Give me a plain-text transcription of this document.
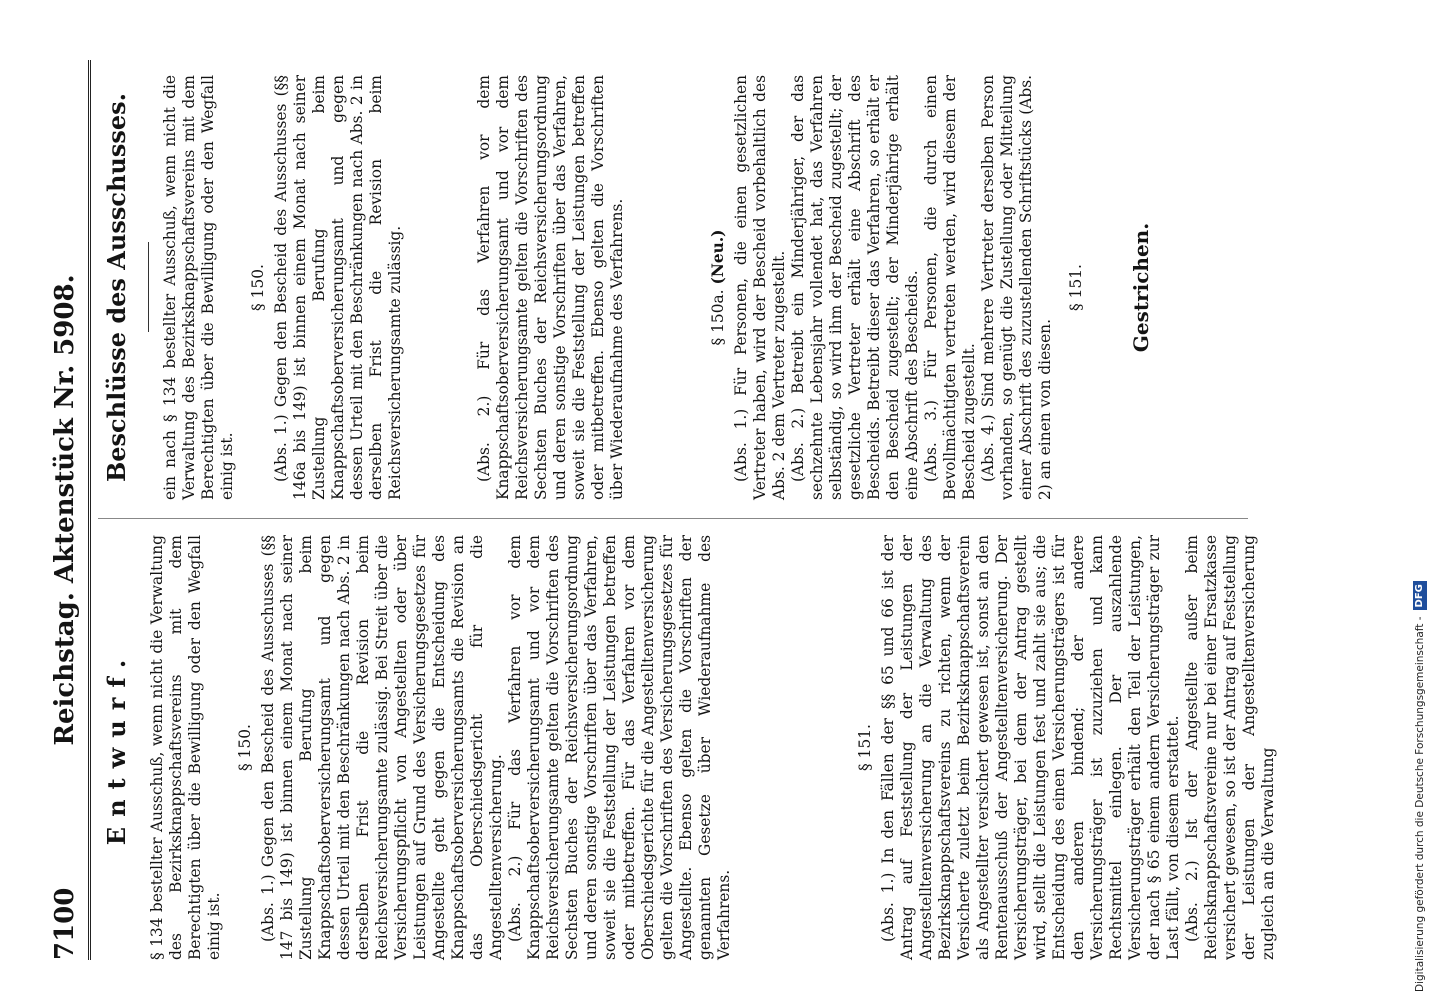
7100
Reichstag. Aktenstück Nr. 5908.
Entwurf. § 134 bestellter Ausschuß, wenn nicht die Verwaltung des Bezirksknappschaftsvereins mit dem Berechtigten über die Bewilligung oder den Wegfall einig ist.

§ 150. (Abs. 1.) Gegen den Bescheid des Ausschusses (§§ 147 bis 149) ist binnen einem Monat nach seiner Zustellung Berufung beim Knappschaftsoberversicherungsamt und gegen dessen Urteil mit den Beschränkungen nach Abs. 2 in derselben Frist die Revision beim Reichsversicherungsamte zulässig. Bei Streit über die Versicherungspflicht von Angestellten oder über Leistungen auf Grund des Versicherungsgesetzes für Angestellte geht gegen die Entscheidung des Knappschaftsoberversicherungsamts die Revision an das Oberschiedsgericht für die Angestelltenversicherung. (Abs. 2.) Für das Verfahren vor dem Knappschaftsoberversicherungsamt und vor dem Reichsversicherungsamte gelten die Vorschriften des Sechsten Buches der Reichsversicherungsordnung und deren sonstige Vorschriften über das Verfahren, soweit sie die Feststellung der Leistungen betreffen oder mitbetreffen. Für das Verfahren vor dem Oberschiedsgerichte für die Angestelltenversicherung gelten die Vorschriften des Versicherungsgesetzes für Angestellte. Ebenso gelten die Vorschriften der genannten Gesetze über Wiederaufnahme des Verfahrens.

§ 151. (Abs. 1.) In den Fällen der §§ 65 und 66 ist der Antrag auf Feststellung der Leistungen der Angestelltenversicherung an die Verwaltung des Bezirksknappschaftsvereins zu richten, wenn der Versicherte zuletzt beim Bezirksknappschaftsverein als Angestellter versichert gewesen ist, sonst an den Rentenausschuß der Angestelltenversicherung. Der Versicherungsträger, bei dem der Antrag gestellt wird, stellt die Leistungen fest und zahlt sie aus; die Entscheidung des einen Versicherungsträgers ist für den anderen bindend; der andere Versicherungsträger ist zuzuziehen und kann Rechtsmittel einlegen. Der auszahlende Versicherungsträger erhält den Teil der Leistungen, der nach § 65 einem andern Versicherungsträger zur Last fällt, von diesem erstattet. (Abs. 2.) Ist der Angestellte außer beim Reichsknappschaftsvereine nur bei einer Ersatzkasse versichert gewesen, so ist der Antrag auf Feststellung der Leistungen der Angestelltenversicherung zugleich an die Verwaltung

Beschlüsse des Ausschusses. ein nach § 134 bestellter Ausschuß, wenn nicht die Verwaltung des Bezirksknappschaftsvereins mit dem Berechtigten über die Bewilligung oder den Wegfall einig ist.

§ 150. (Abs. 1.) Gegen den Bescheid des Ausschusses (§§ 146a bis 149) ist binnen einem Monat nach seiner Zustellung Berufung beim Knappschaftsoberversicherungsamt und gegen dessen Urteil mit den Beschränkungen nach Abs. 2 in derselben Frist die Revision beim Reichsversicherungsamte zulässig.	(Abs. 2.) Für das Verfahren vor dem Knappschaftsoberversicherungsamt und vor dem Reichsversicherungsamte gelten die Vorschriften des Sechsten Buches der Reichsversicherungsordnung und deren sonstige Vorschriften über das Verfahren, soweit sie die Feststellung der Leistungen betreffen oder mitbetreffen. Ebenso gelten die Vorschriften über Wiederaufnahme des Verfahrens.	§ 150a. (Neu.) (Abs. 1.) Für Personen, die einen gesetzlichen Vertreter haben, wird der Bescheid vorbehaltlich des Abs. 2 dem Vertreter zugestellt. (Abs. 2.) Betreibt ein Minderjähriger, der das sechzehnte Lebensjahr vollendet hat, das Verfahren selbständig, so wird ihm der Bescheid zugestellt; der gesetzliche Vertreter erhält eine Abschrift des Bescheids. Betreibt dieser das Verfahren, so erhält er den Bescheid zugestellt; der Minderjährige erhält eine Abschrift des Bescheids. (Abs. 3.) Für Personen, die durch einen Bevollmächtigten vertreten werden, wird diesem der Bescheid zugestellt. (Abs. 4.) Sind mehrere Vertreter derselben Person vorhanden, so genügt die Zustellung oder Mitteilung einer Abschrift des zuzustellenden Schriftstücks (Abs. 2) an einen von diesen.

§ 151. Gestrichen.
Digitalisierung gefördert durch die Deutsche Forschungsgemeinschaft -
DFG
